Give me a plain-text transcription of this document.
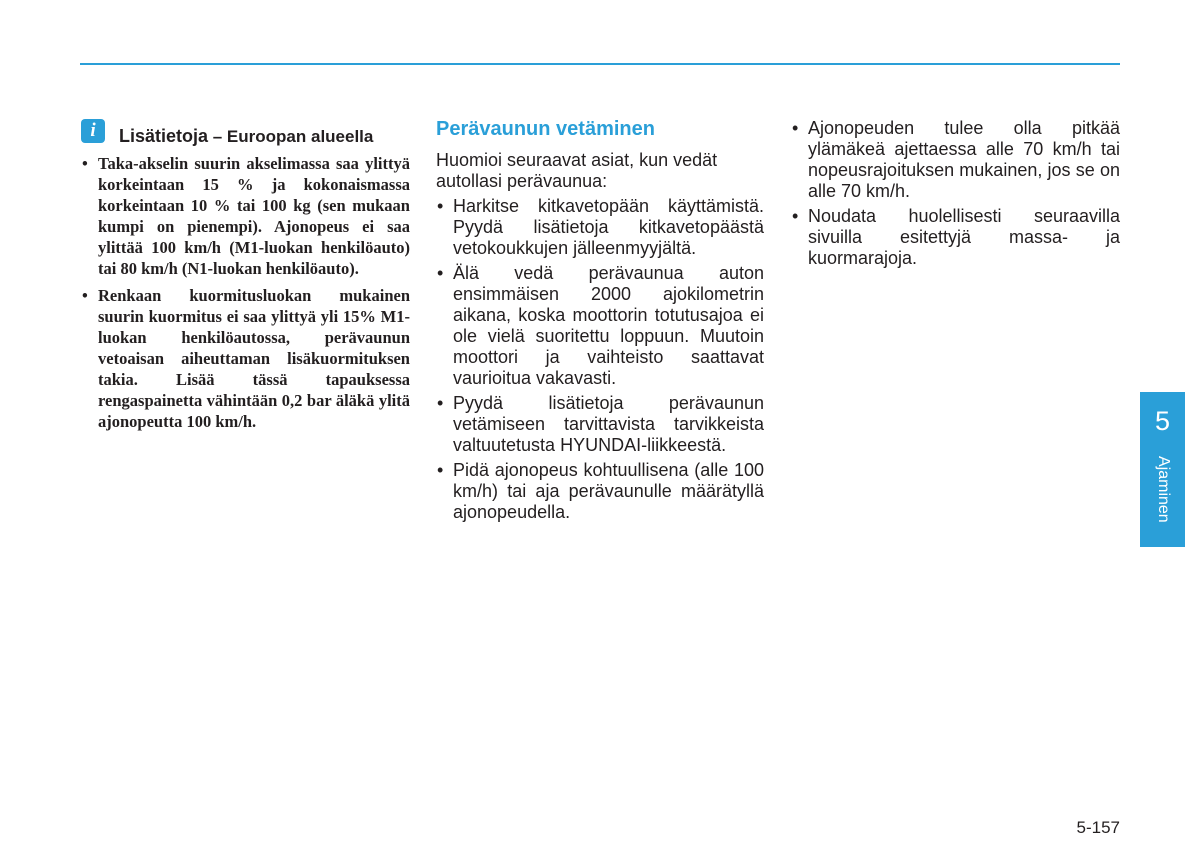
i	Lisätietoja – Euroopan alueella
• Taka-akselin suurin akselimassa saa ylittyä korkeintaan 15 % ja kokonaismassa korkeintaan 10 % tai 100 kg (sen mukaan kumpi on pienempi). Ajonopeus ei saa ylittää 100 km/h (M1-luokan henkilöauto) tai 80 km/h (N1-luokan henkilöauto).
• Renkaan kuormitusluokan mukainen suurin kuormitus ei saa ylittyä yli 15% M1-luokan henkilöautossa, perävaunun vetoaisan aiheuttaman lisäkuormituksen takia. Lisää tässä tapauksessa rengaspainetta vähintään 0,2 bar äläkä ylitä ajonopeutta 100 km/h.
Perävaunun vetäminen

Huomioi seuraavat asiat, kun vedät autollasi perävaunua:

• Harkitse kitkavetopään käyttämistä. Pyydä lisätietoja kitkavetopäästä vetokoukkujen jälleenmyyjältä.
• Älä vedä perävaunua auton ensimmäisen 2000 ajokilometrin aikana, koska moottorin totutusajoa ei ole vielä suoritettu loppuun. Muutoin moottori ja vaihteisto saattavat vaurioitua vakavasti.
• Pyydä lisätietoja perävaunun vetämiseen tarvittavista tarvikkeista valtuutetusta HYUNDAI-liikkeestä.
• Pidä ajonopeus kohtuullisena (alle 100 km/h) tai aja perävaunulle määrätyllä ajonopeudella.
• Ajonopeuden tulee olla pitkää ylämäkeä ajettaessa alle 70 km/h tai nopeusrajoituksen mukainen, jos se on alle 70 km/h.
• Noudata huolellisesti seuraavilla sivuilla esitettyjä massa- ja kuormarajoja.
5
Ajaminen
5-157
